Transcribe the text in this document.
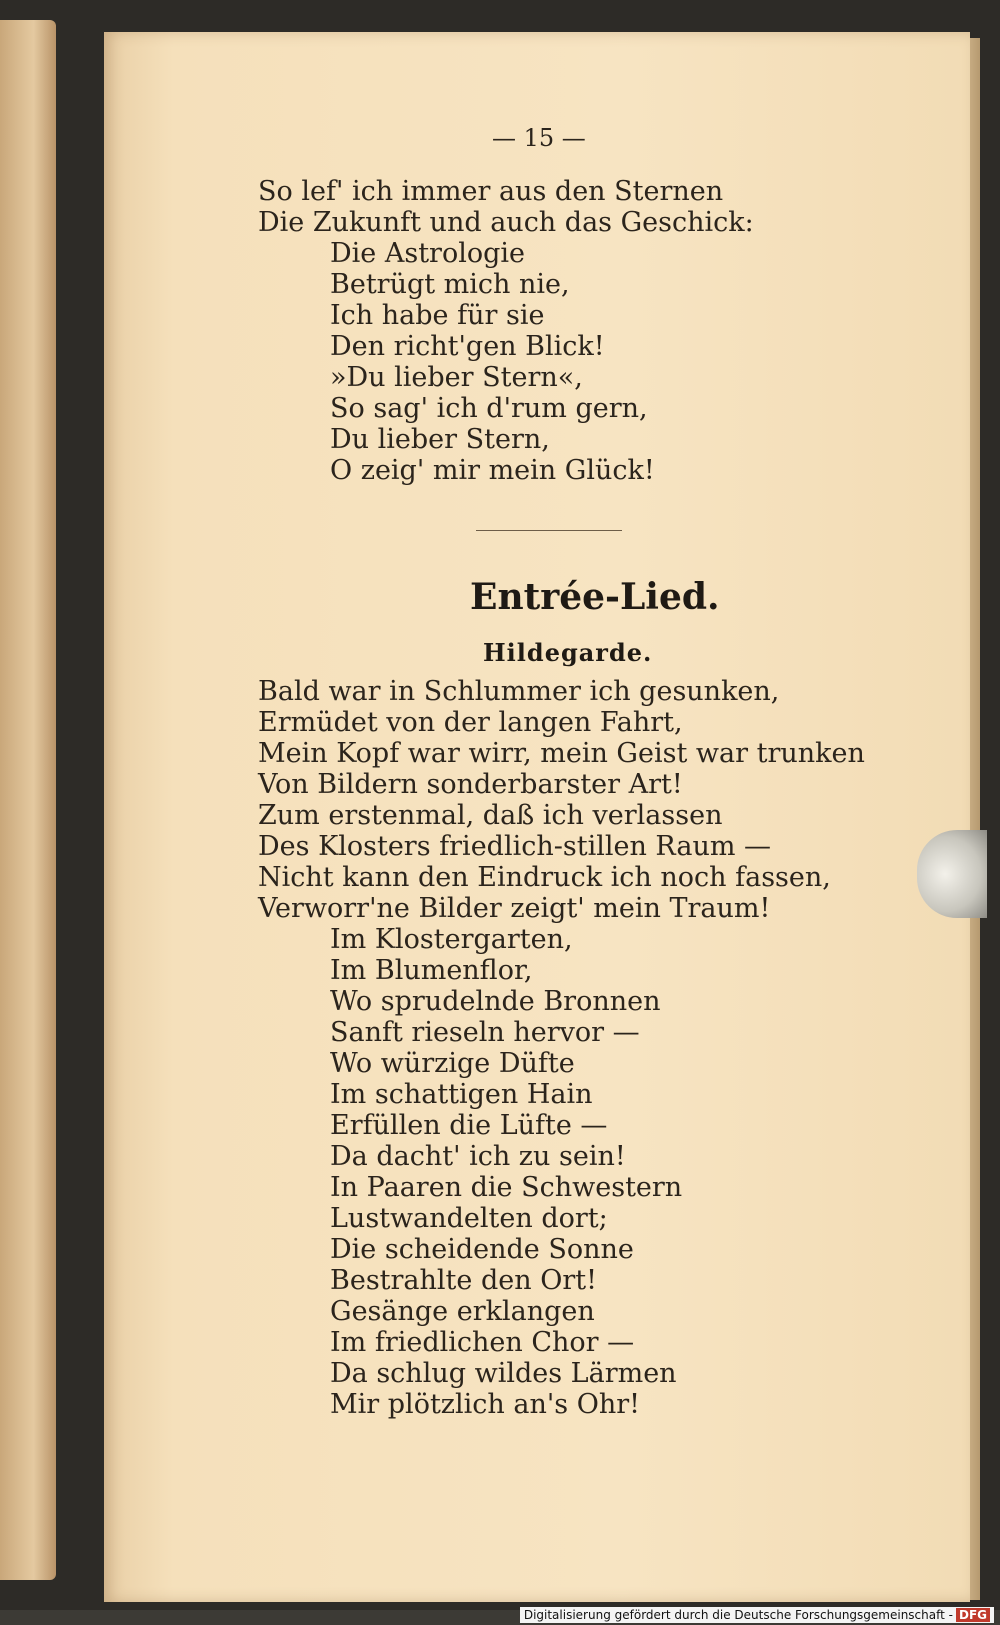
— 15 —
So lef' ich immer aus den Sternen
Die Zukunft und auch das Geschick:
Die Astrologie
Betrügt mich nie,
Ich habe für sie
Den richt'gen Blick!
»Du lieber Stern«,
So sag' ich d'rum gern,
Du lieber Stern,
O zeig' mir mein Glück!
Entrée-Lied.
Hildegarde.
Bald war in Schlummer ich gesunken,
Ermüdet von der langen Fahrt,
Mein Kopf war wirr, mein Geist war trunken
Von Bildern sonderbarster Art!
Zum erstenmal, daß ich verlassen
Des Klosters friedlich-stillen Raum —
Nicht kann den Eindruck ich noch fassen,
Verworr'ne Bilder zeigt' mein Traum!
Im Klostergarten,
Im Blumenflor,
Wo sprudelnde Bronnen
Sanft rieseln hervor —
Wo würzige Düfte
Im schattigen Hain
Erfüllen die Lüfte —
Da dacht' ich zu sein!
In Paaren die Schwestern
Lustwandelten dort;
Die scheidende Sonne
Bestrahlte den Ort!
Gesänge erklangen
Im friedlichen Chor —
Da schlug wildes Lärmen
Mir plötzlich an's Ohr!
Digitalisierung gefördert durch die Deutsche Forschungsgemeinschaft - DFG
